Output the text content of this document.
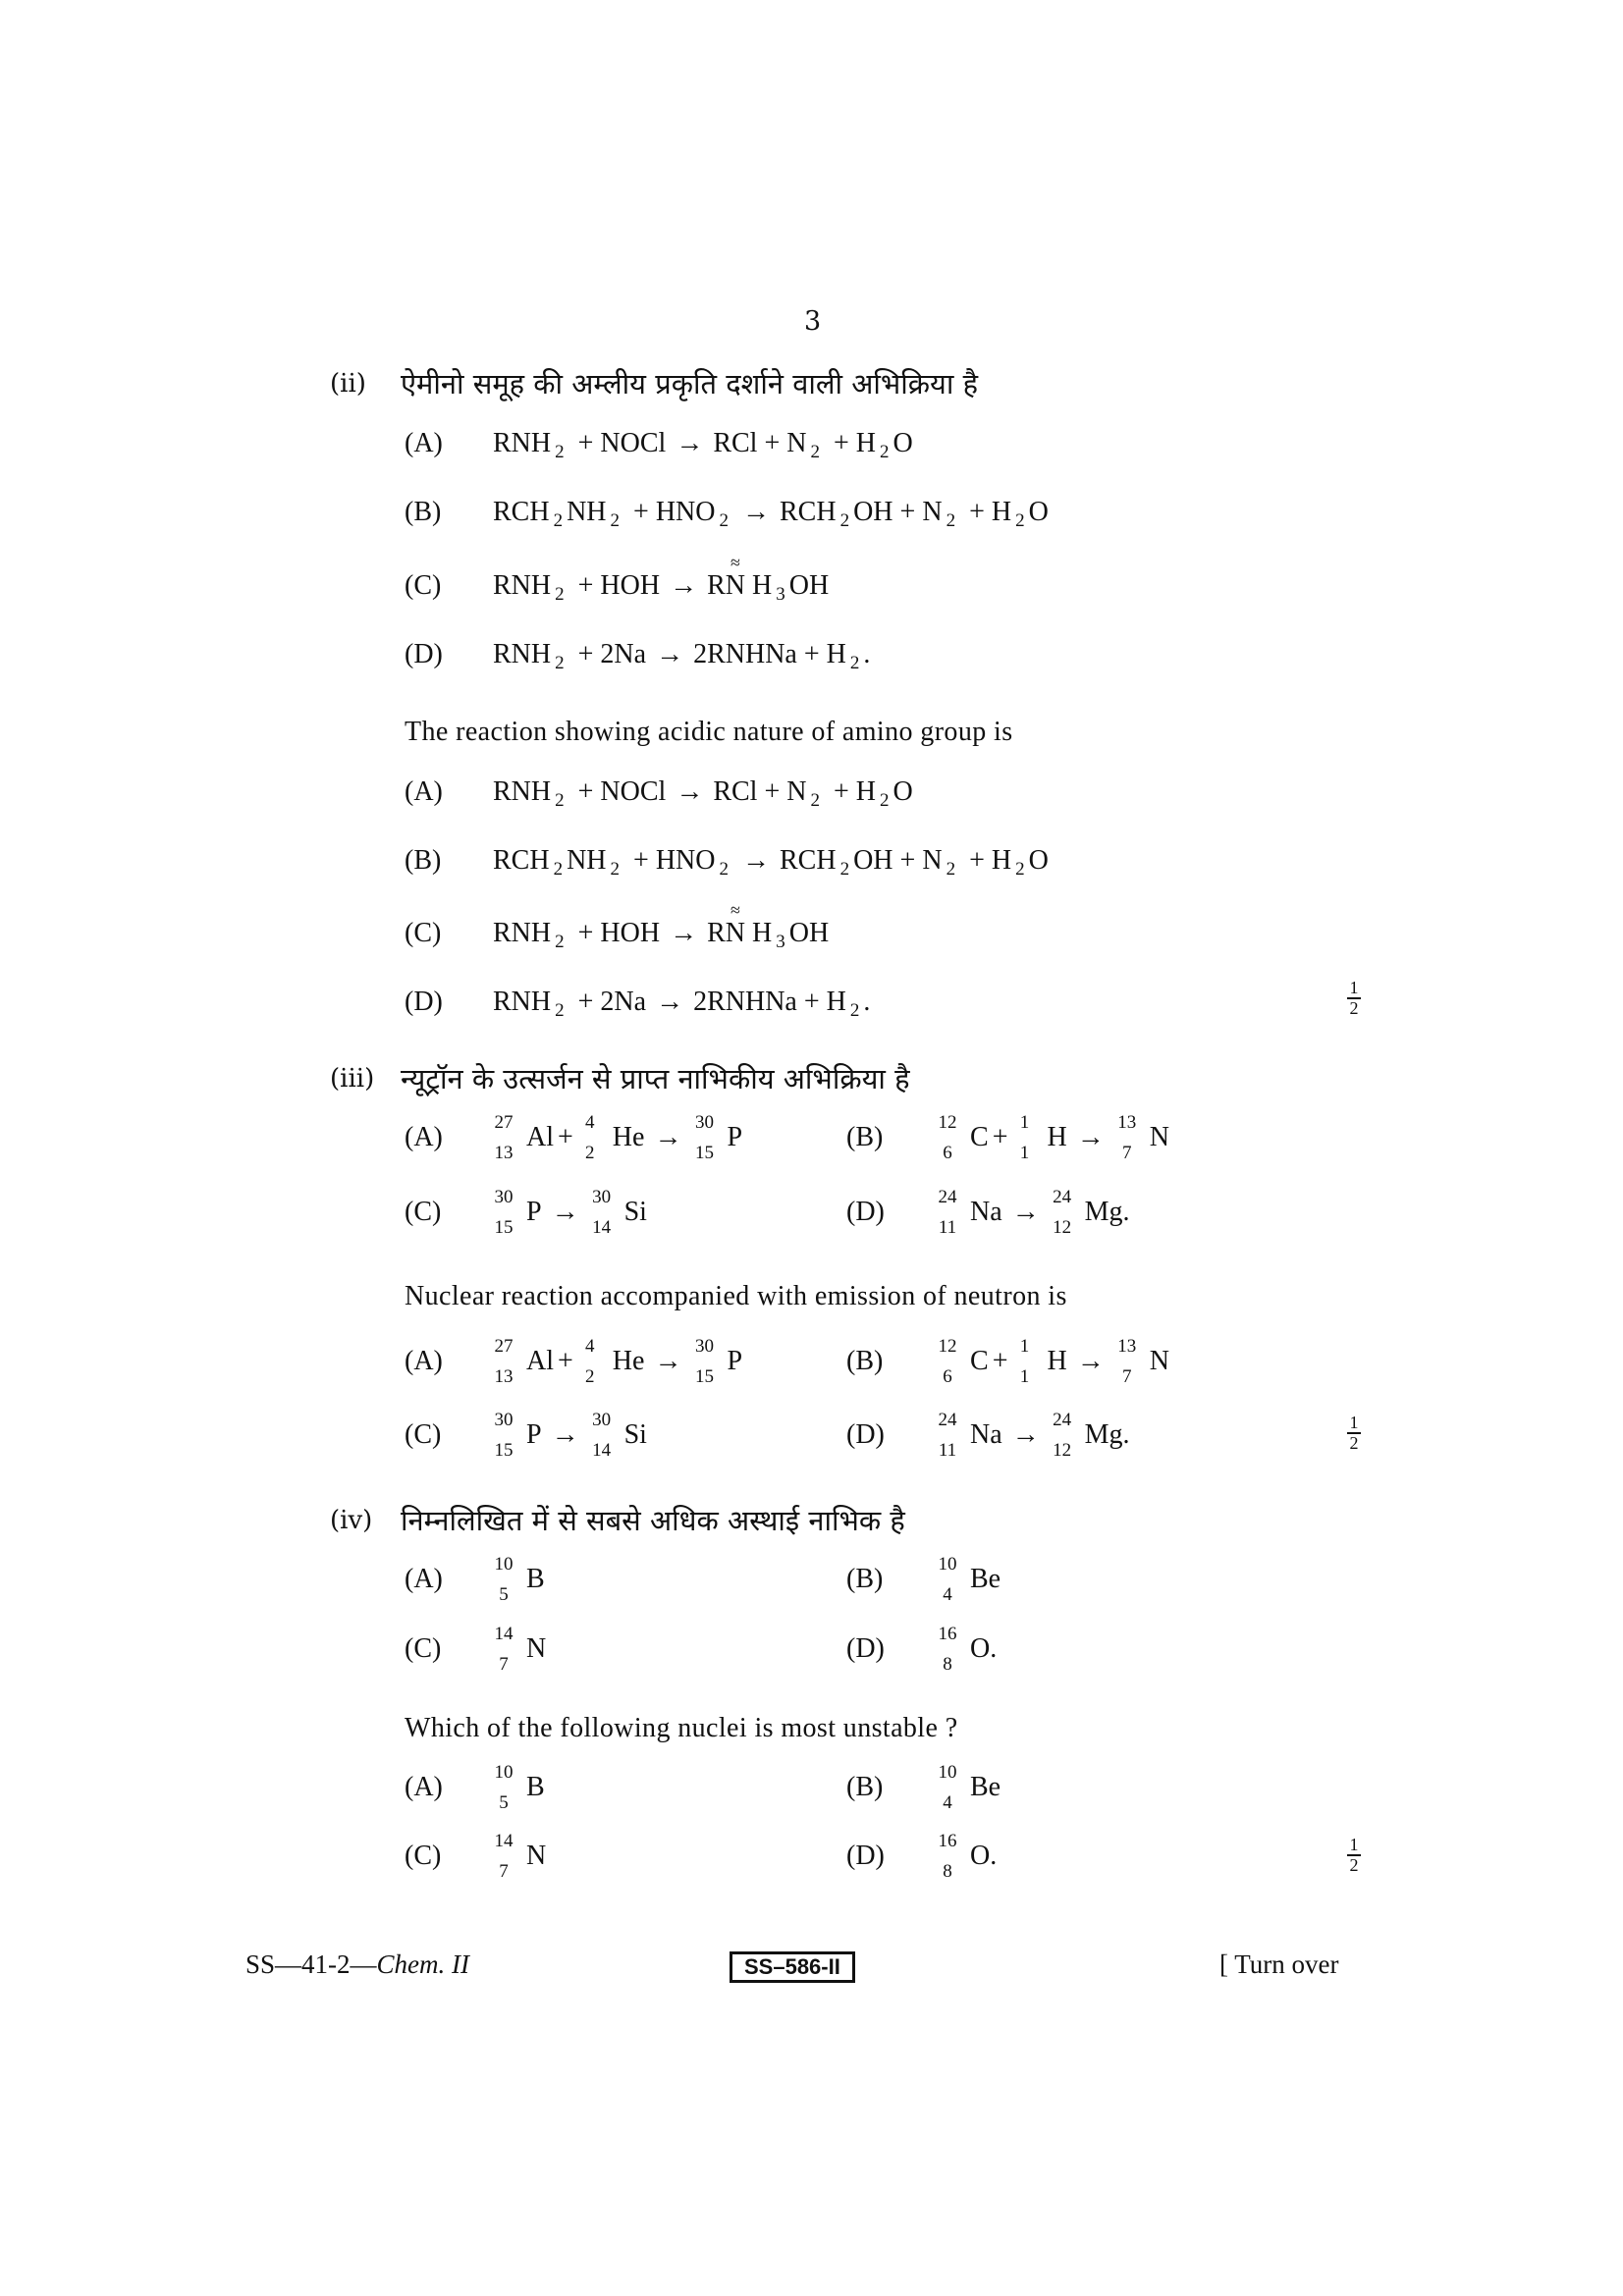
3
(ii) ऐमीनो समूह की अम्लीय प्रकृति दर्शाने वाली अभिक्रिया है
(A) RNH $_2$ + NOCl → RCl + N $_2$ + H $_2$ O
(B) RCH $_2$ NH $_2$ + HNO $_2$ → RCH $_2$ OH + N $_2$ + H $_2$ O
(C) RNH $_2$ + HOH → R
≈
N H $_3$ OH
(D) RNH $_2$ + 2Na → 2RNHNa + H $_2$ .
The reaction showing acidic nature of amino group is
(A) RNH $_2$ + NOCl → RCl + N $_2$ + H $_2$ O
(B) RCH $_2$ NH $_2$ + HNO $_2$ → RCH $_2$ OH + N $_2$ + H $_2$ O
(C) RNH $_2$ + HOH → R
≈
N H $_3$ OH
(D) RNH $_2$ + 2Na → 2RNHNa + H $_2$ .	1
2
(iii) न्यूट्रॉन के उत्सर्जन से प्राप्त नाभिकीय अभिक्रिया है
(A)	27
13
Al + 4
2
He → 30
15
P	(B)	12
6
C + 1
1
H → 13
7
N
(C)	30
15
P → 30
14
Si	(D)	24
11
Na → 24
12
Mg.
Nuclear reaction accompanied with emission of neutron is
(A)	27
13
Al + 4
2
He → 30
15
P	(B)	12
6
C + 1
1
H → 13
7
N
(C)	30
15
P → 30
14
Si	(D)	24
11
Na → 24
12
Mg.	1
2
(iv) निम्नलिखित में से सबसे अधिक अस्थाई नाभिक है
(A)	10
5
B	(B)	10
4
Be
(C)	14
7
N	(D)	16
8
O.
Which of the following nuclei is most unstable ?
(A)	10
5
B	(B)	10
4
Be
(C)	14
7
N	(D)	16
8
O.	1
2
SS—41-2—Chem. II	SS–586-II	[ Turn over
